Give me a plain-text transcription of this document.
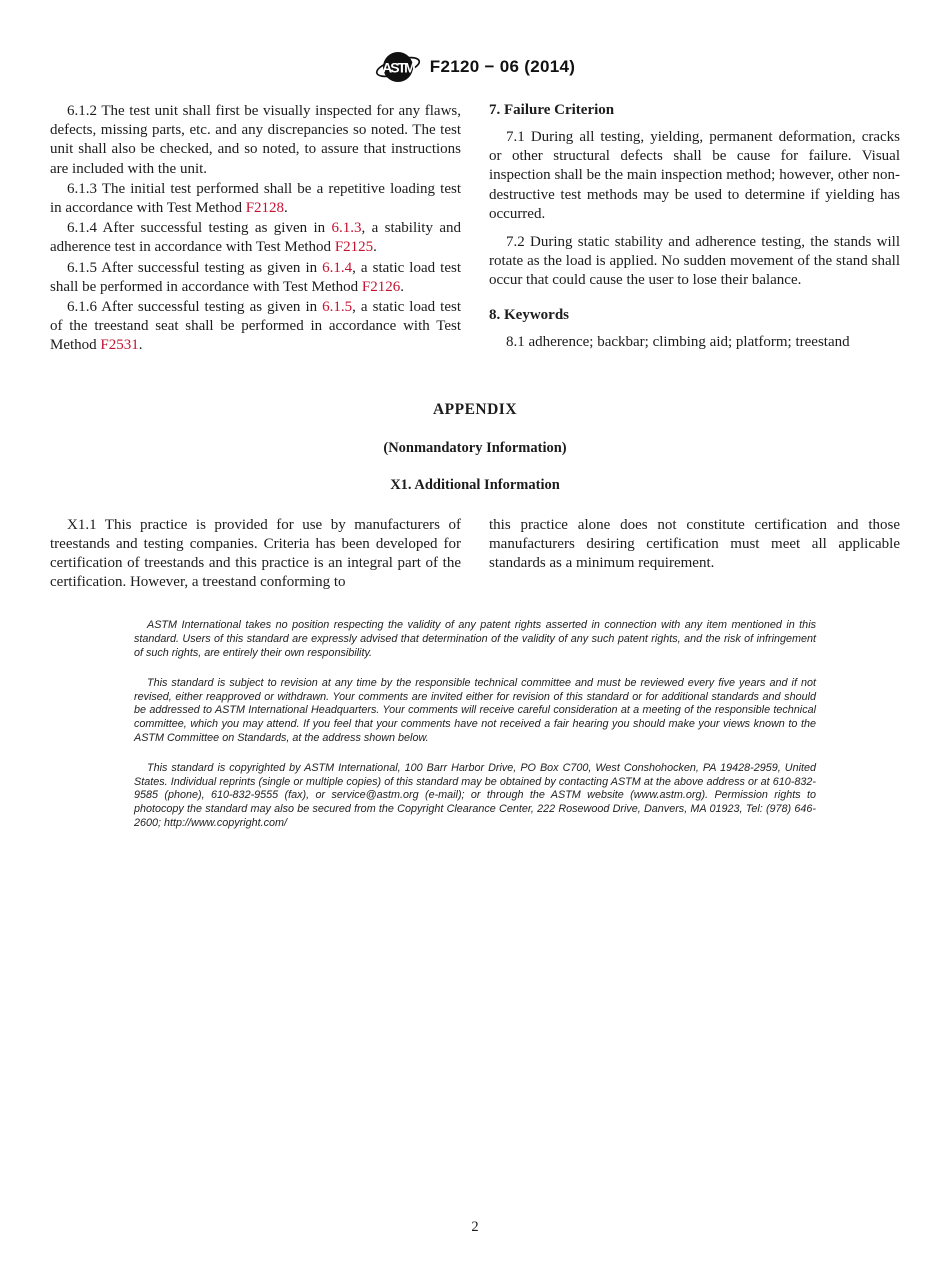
ASTM F2120 − 06 (2014)

6.1.2 The test unit shall first be visually inspected for any flaws, defects, missing parts, etc. and any discrepancies so noted. The test unit shall also be checked, and so noted, to assure that instructions are included with the unit.

6.1.3 The initial test performed shall be a repetitive loading test in accordance with Test Method F2128.

6.1.4 After successful testing as given in 6.1.3, a stability and adherence test in accordance with Test Method F2125.

6.1.5 After successful testing as given in 6.1.4, a static load test shall be performed in accordance with Test Method F2126.

6.1.6 After successful testing as given in 6.1.5, a static load test of the treestand seat shall be performed in accordance with Test Method F2531.

7. Failure Criterion

7.1 During all testing, yielding, permanent deformation, cracks or other structural defects shall be cause for failure. Visual inspection shall be the main inspection method; however, other non-destructive test methods may be used to determine if yielding has occurred.

7.2 During static stability and adherence testing, the stands will rotate as the load is applied. No sudden movement of the stand shall occur that could cause the user to lose their balance.

8. Keywords

8.1 adherence; backbar; climbing aid; platform; treestand

APPENDIX
(Nonmandatory Information)
X1. Additional Information

X1.1 This practice is provided for use by manufacturers of treestands and testing companies. Criteria has been developed for certification of treestands and this practice is an integral part of the certification. However, a treestand conforming to

this practice alone does not constitute certification and those manufacturers desiring certification must meet all applicable standards as a minimum requirement.

ASTM International takes no position respecting the validity of any patent rights asserted in connection with any item mentioned in this standard. Users of this standard are expressly advised that determination of the validity of any such patent rights, and the risk of infringement of such rights, are entirely their own responsibility.

This standard is subject to revision at any time by the responsible technical committee and must be reviewed every five years and if not revised, either reapproved or withdrawn. Your comments are invited either for revision of this standard or for additional standards and should be addressed to ASTM International Headquarters. Your comments will receive careful consideration at a meeting of the responsible technical committee, which you may attend. If you feel that your comments have not received a fair hearing you should make your views known to the ASTM Committee on Standards, at the address shown below.

This standard is copyrighted by ASTM International, 100 Barr Harbor Drive, PO Box C700, West Conshohocken, PA 19428-2959, United States. Individual reprints (single or multiple copies) of this standard may be obtained by contacting ASTM at the above address or at 610-832-9585 (phone), 610-832-9555 (fax), or service@astm.org (e-mail); or through the ASTM website (www.astm.org). Permission rights to photocopy the standard may also be secured from the Copyright Clearance Center, 222 Rosewood Drive, Danvers, MA 01923, Tel: (978) 646-2600; http://www.copyright.com/

2
